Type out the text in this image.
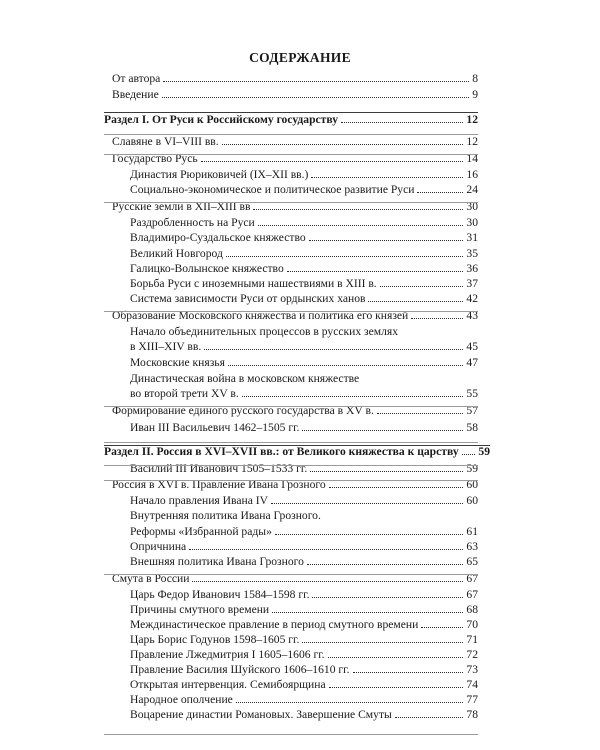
СОДЕРЖАНИЕ
От автора	8
Введение	9
Раздел I. От Руси к Российскому государству	12
Славяне в VI–VIII вв.	12
Государство Русь	14
Династия Рюриковичей (IX–XII вв.)	16
Социально-экономическое и политическое развитие Руси	24
Русские земли в XII–XIII вв	30
Раздробленность на Руси	30
Владимиро-Суздальское княжество	31
Великий Новгород	35
Галицко-Волынское княжество	36
Борьба Руси с иноземными нашествиями в XIII в.	37
Система зависимости Руси от ордынских ханов	42
Образование Московского княжества и политика его князей	43
Начало объединительных процессов в русских землях
в XIII–XIV вв.	45
Московские князья	47
Династическая война в московском княжестве
во второй трети XV в.	55
Формирование единого русского государства в XV в.	57
Иван III Васильевич 1462–1505 гг.	58
Раздел II. Россия в XVI–XVII вв.: от Великого княжества к царству 59
Василий III Иванович 1505–1533 гг.	59
Россия в XVI в. Правление Ивана Грозного	60
Начало правления Ивана IV	60
Внутренняя политика Ивана Грозного.
Реформы «Избранной рады»	61
Опричнина	63
Внешняя политика Ивана Грозного	65
Смута в России	67
Царь Федор Иванович 1584–1598 гг.	67
Причины смутного времени	68
Междинастическое правление в период смутного времени	70
Царь Борис Годунов 1598–1605 гг.	71
Правление Лжедмитрия I 1605–1606 гг.	72
Правление Василия Шуйского 1606–1610 гг.	73
Открытая интервенция. Семибоярщина	74
Народное ополчение	77
Воцарение династии Романовых. Завершение Смуты	78
